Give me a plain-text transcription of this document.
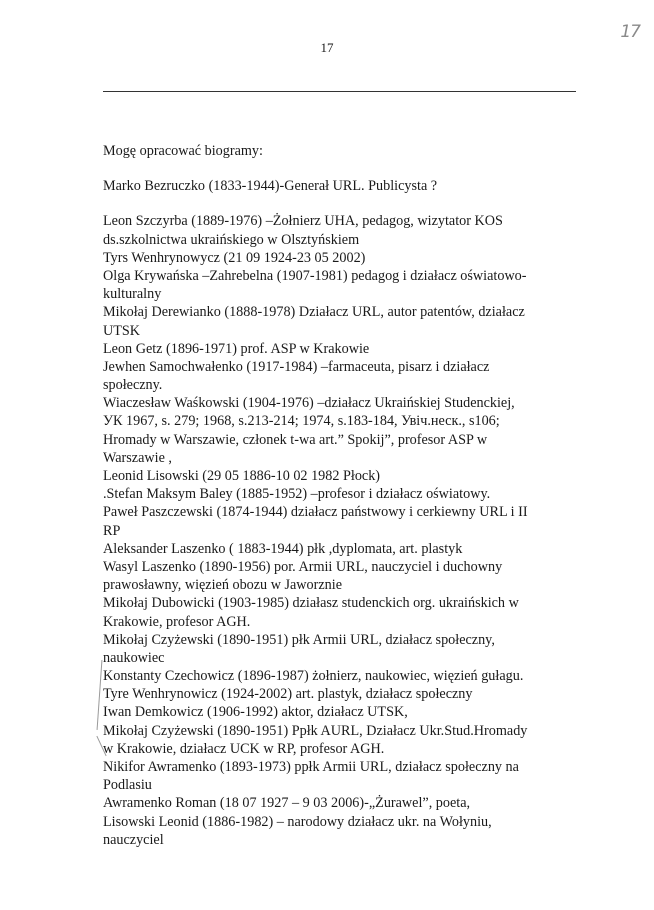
17
17
Mogę opracować biogramy:
Marko Bezruczko (1833-1944)-Generał URL. Publicysta ?
Leon Szczyrba (1889-1976) –Żołnierz UHA, pedagog, wizytator KOS
ds.szkolnictwa ukraińskiego w Olsztyńskiem
Tyrs Wenhrynowycz (21 09 1924-23 05 2002)
Olga Krywańska –Zahrebelna (1907-1981) pedagog i działacz oświatowo-
kulturalny
Mikołaj Derewianko (1888-1978) Działacz URL, autor patentów, działacz
UTSK
Leon Getz (1896-1971) prof. ASP w Krakowie
Jewhen Samochwałenko (1917-1984) –farmaceuta, pisarz i działacz
społeczny.
Wiaczesław Waśkowski (1904-1976) –działacz Ukraińskiej Studenckiej,
УК 1967, s. 279; 1968, s.213-214; 1974, s.183-184, Увiч.неск., s106;
Hromady w Warszawie, członek t-wa art.” Spokij”, profesor ASP w
Warszawie ,
Leonid Lisowski (29 05 1886-10 02 1982 Płock)
.Stefan Maksym Baley (1885-1952) –profesor i działacz oświatowy.
Paweł Paszczewski (1874-1944) działacz państwowy i cerkiewny URL i II
RP
Aleksander Laszenko ( 1883-1944) płk ,dyplomata, art. plastyk
Wasyl Laszenko (1890-1956) por. Armii URL, nauczyciel i duchowny
prawosławny, więzień obozu w Jaworznie
Mikołaj Dubowicki (1903-1985) działasz studenckich org. ukraińskich w
Krakowie, profesor AGH.
Mikołaj Czyżewski (1890-1951) płk Armii URL, działacz społeczny,
naukowiec
Konstanty Czechowicz (1896-1987) żołnierz, naukowiec, więzień gułagu.
Tyre Wenhrynowicz (1924-2002) art. plastyk, działacz społeczny
Iwan Demkowicz (1906-1992) aktor, działacz UTSK,
Mikołaj Czyżewski (1890-1951) Ppłk AURL, Działacz Ukr.Stud.Hromady
w Krakowie, działacz UCK w RP, profesor AGH.
Nikifor Awramenko (1893-1973) ppłk Armii URL, działacz społeczny na
Podlasiu
Awramenko Roman (18 07 1927 – 9 03 2006)-„Żurawel”, poeta,
Lisowski Leonid (1886-1982) – narodowy działacz ukr. na Wołyniu,
nauczyciel
